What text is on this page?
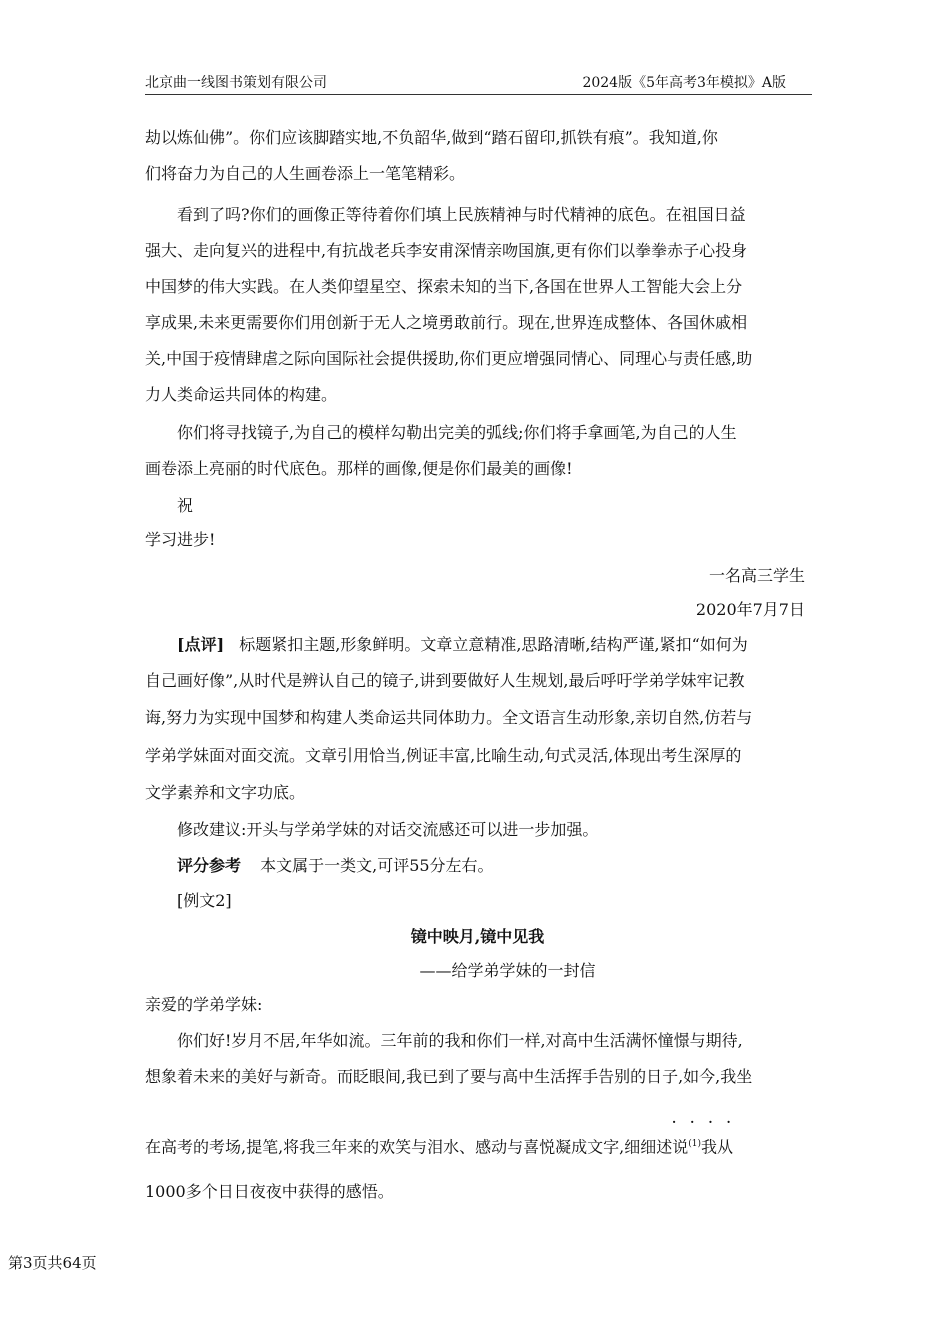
北京曲一线图书策划有限公司	2024版《5年高考3年模拟》A版
劫以炼仙佛”。你们应该脚踏实地,不负韶华,做到“踏石留印,抓铁有痕”。我知道,你
们将奋力为自己的人生画卷添上一笔笔精彩。
看到了吗?你们的画像正等待着你们填上民族精神与时代精神的底色。在祖国日益
强大、走向复兴的进程中,有抗战老兵李安甫深情亲吻国旗,更有你们以拳拳赤子心投身
中国梦的伟大实践。在人类仰望星空、探索未知的当下,各国在世界人工智能大会上分
享成果,未来更需要你们用创新于无人之境勇敢前行。现在,世界连成整体、各国休戚相
关,中国于疫情肆虐之际向国际社会提供援助,你们更应增强同情心、同理心与责任感,助
力人类命运共同体的构建。
你们将寻找镜子,为自己的模样勾勒出完美的弧线;你们将手拿画笔,为自己的人生
画卷添上亮丽的时代底色。那样的画像,便是你们最美的画像!
祝
学习进步!
一名高三学生
2020年7月7日
[点评] 标题紧扣主题,形象鲜明。文章立意精准,思路清晰,结构严谨,紧扣“如何为
自己画好像”,从时代是辨认自己的镜子,讲到要做好人生规划,最后呼吁学弟学妹牢记教
诲,努力为实现中国梦和构建人类命运共同体助力。全文语言生动形象,亲切自然,仿若与
学弟学妹面对面交流。文章引用恰当,例证丰富,比喻生动,句式灵活,体现出考生深厚的
文学素养和文字功底。
修改建议:开头与学弟学妹的对话交流感还可以进一步加强。
评分参考 本文属于一类文,可评55分左右。
[例文2]
镜中映月,镜中见我
——给学弟学妹的一封信
亲爱的学弟学妹:
你们好!岁月不居,年华如流。三年前的我和你们一样,对高中生活满怀憧憬与期待,
想象着未来的美好与新奇。而眨眼间,我已到了要与高中生活挥手告别的日子,如今,我坐
在高考的考场,提笔,将我三年来的欢笑与泪水、感动与喜悦凝成文字,细细述说$^{(1)}$我从
1000多个日日夜夜中获得的感悟。
····
第3页共64页
